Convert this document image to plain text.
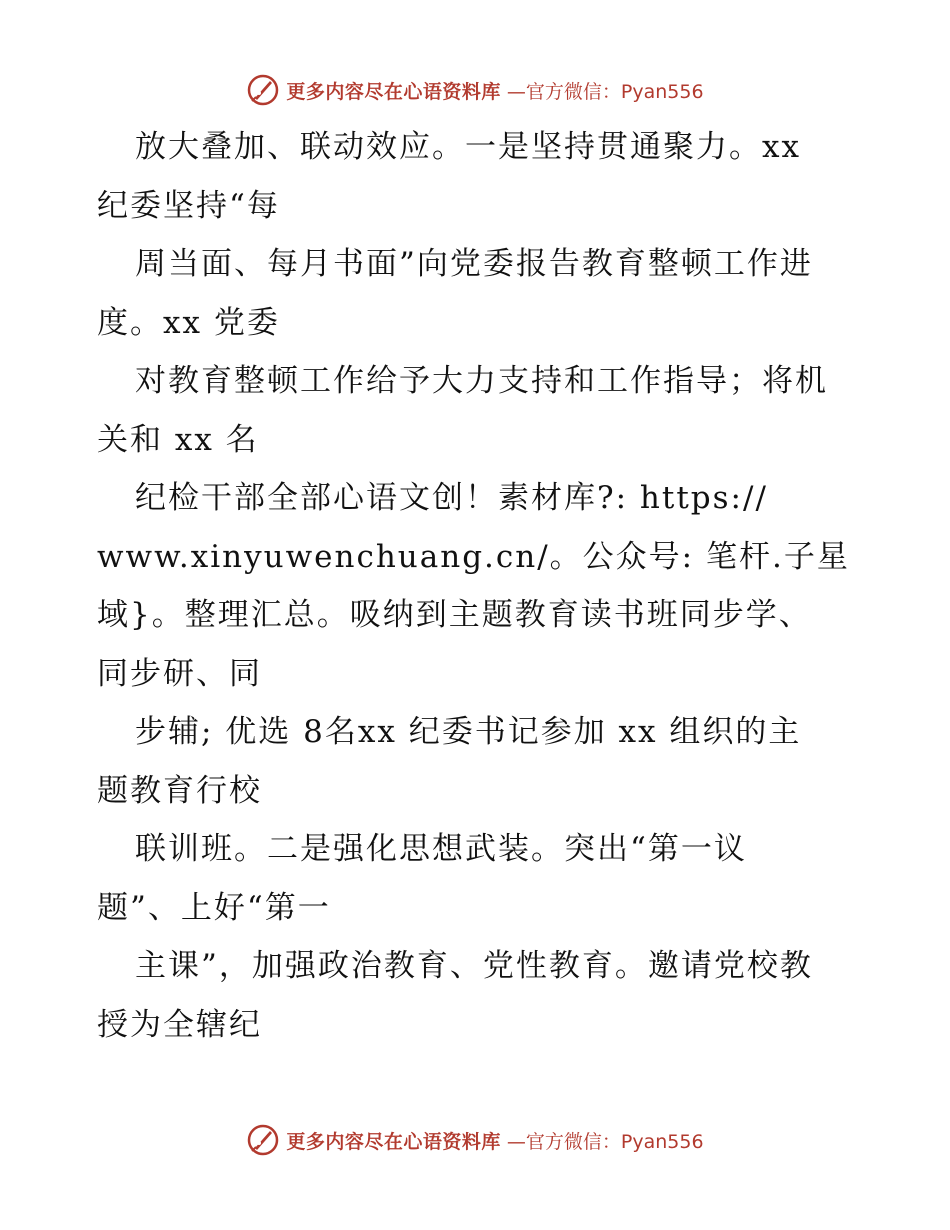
更多内容尽在心语资料库 —官方微信：Pyan556
放大叠加、联动效应。一是坚持贯通聚力。xx
纪委坚持“每
周当面、每月书面”向党委报告教育整顿工作进
度。xx 党委
对教育整顿工作给予大力支持和工作指导；将机
关和 xx 名
纪检干部全部心语文创！素材库?: https://
www.xinyuwenchuang.cn/。公众号: 笔杆.子星
域}。整理汇总。吸纳到主题教育读书班同步学、
同步研、同
步辅; 优选 8名xx 纪委书记参加 xx 组织的主
题教育行校
联训班。二是强化思想武装。突出“第一议
题”、上好“第一
主课”，加强政治教育、党性教育。邀请党校教
授为全辖纪
更多内容尽在心语资料库 —官方微信：Pyan556
